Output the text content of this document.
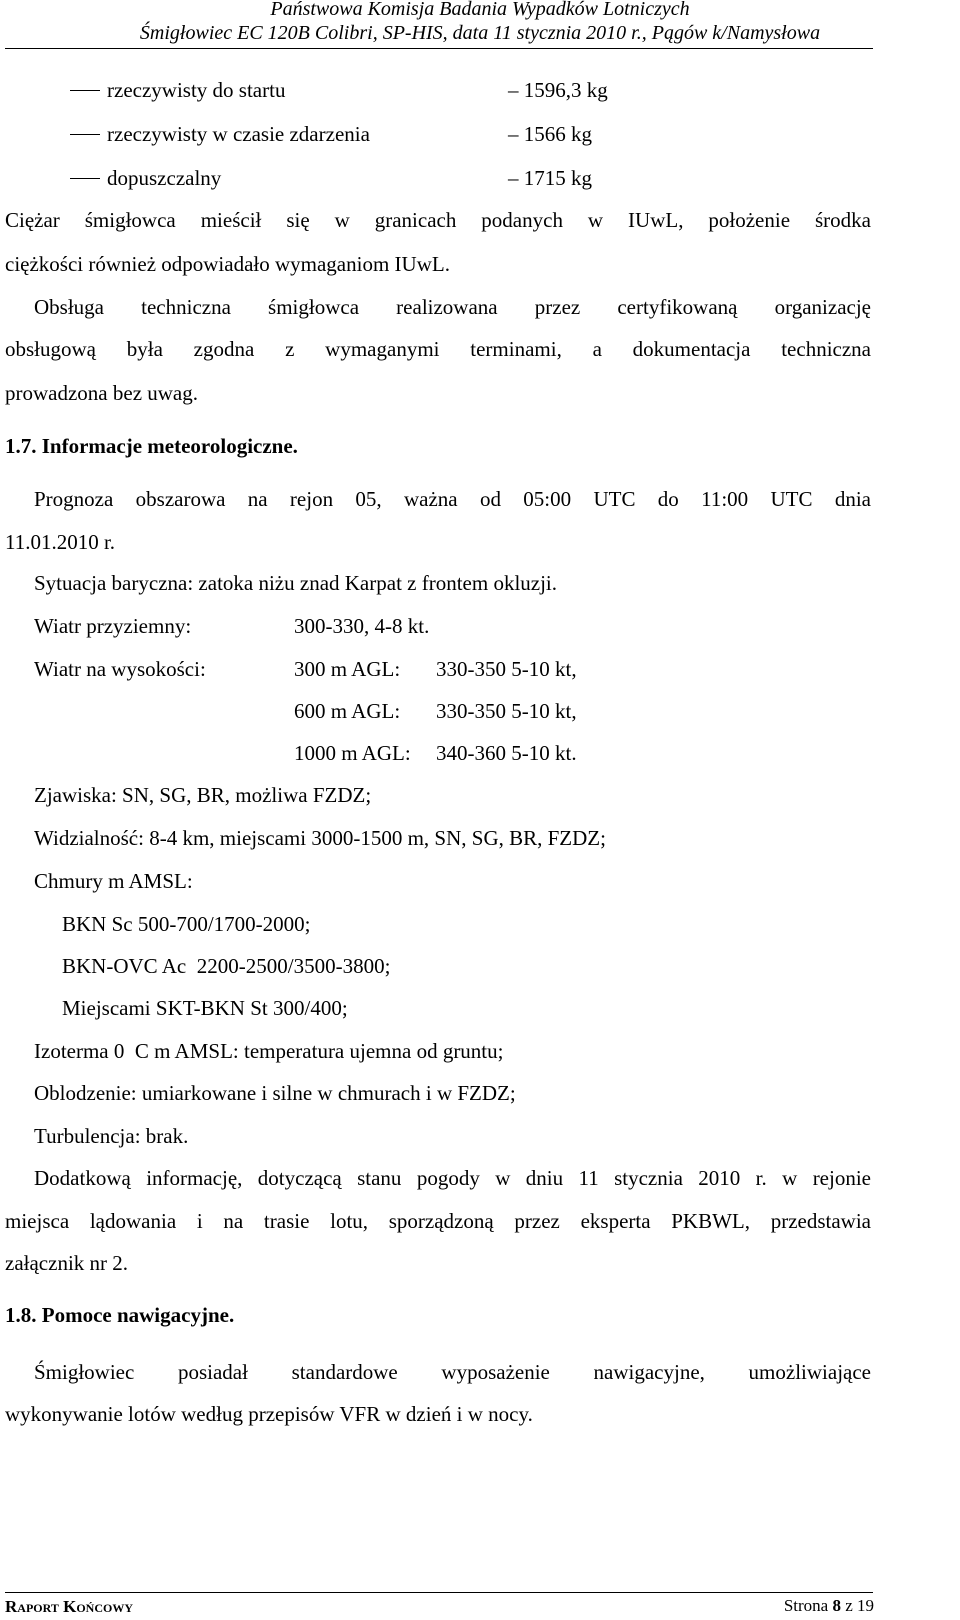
Państwowa Komisja Badania Wypadków Lotniczych
Śmigłowiec EC 120B Colibri, SP-HIS, data 11 stycznia 2010 r., Pągów k/Namysłowa
rzeczywisty do startu	– 1596,3 kg
rzeczywisty w czasie zdarzenia	– 1566 kg
dopuszczalny	– 1715 kg
Ciężar śmigłowca mieścił się w granicach podanych w IUwL, położenie środka
ciężkości również odpowiadało wymaganiom IUwL.
Obsługa techniczna śmigłowca realizowana przez certyfikowaną organizację
obsługową była zgodna z wymaganymi terminami, a dokumentacja techniczna
prowadzona bez uwag.
1.7. Informacje meteorologiczne.
Prognoza obszarowa na rejon 05, ważna od 05:00 UTC do 11:00 UTC dnia
11.01.2010 r.
Sytuacja baryczna: zatoka niżu znad Karpat z frontem okluzji.
Wiatr przyziemny:	300-330, 4-8 kt.
Wiatr na wysokości:	300 m AGL: 330-350 5-10 kt,
600 m AGL: 330-350 5-10 kt,
1000 m AGL: 340-360 5-10 kt.
Zjawiska: SN, SG, BR, możliwa FZDZ;
Widzialność: 8-4 km, miejscami 3000-1500 m, SN, SG, BR, FZDZ;
Chmury m AMSL:
BKN Sc 500-700/1700-2000;
BKN-OVC Ac  2200-2500/3500-3800;
Miejscami SKT-BKN St 300/400;
Izoterma 0  C m AMSL: temperatura ujemna od gruntu;
Oblodzenie: umiarkowane i silne w chmurach i w FZDZ;
Turbulencja: brak.
Dodatkową informację, dotyczącą stanu pogody w dniu 11 stycznia 2010 r. w rejonie
miejsca lądowania i na trasie lotu, sporządzoną przez eksperta PKBWL, przedstawia
załącznik nr 2.
1.8. Pomoce nawigacyjne.
Śmigłowiec posiadał standardowe wyposażenie nawigacyjne, umożliwiające
wykonywanie lotów według przepisów VFR w dzień i w nocy.
Raport Końcowy	Strona 8 z 19
